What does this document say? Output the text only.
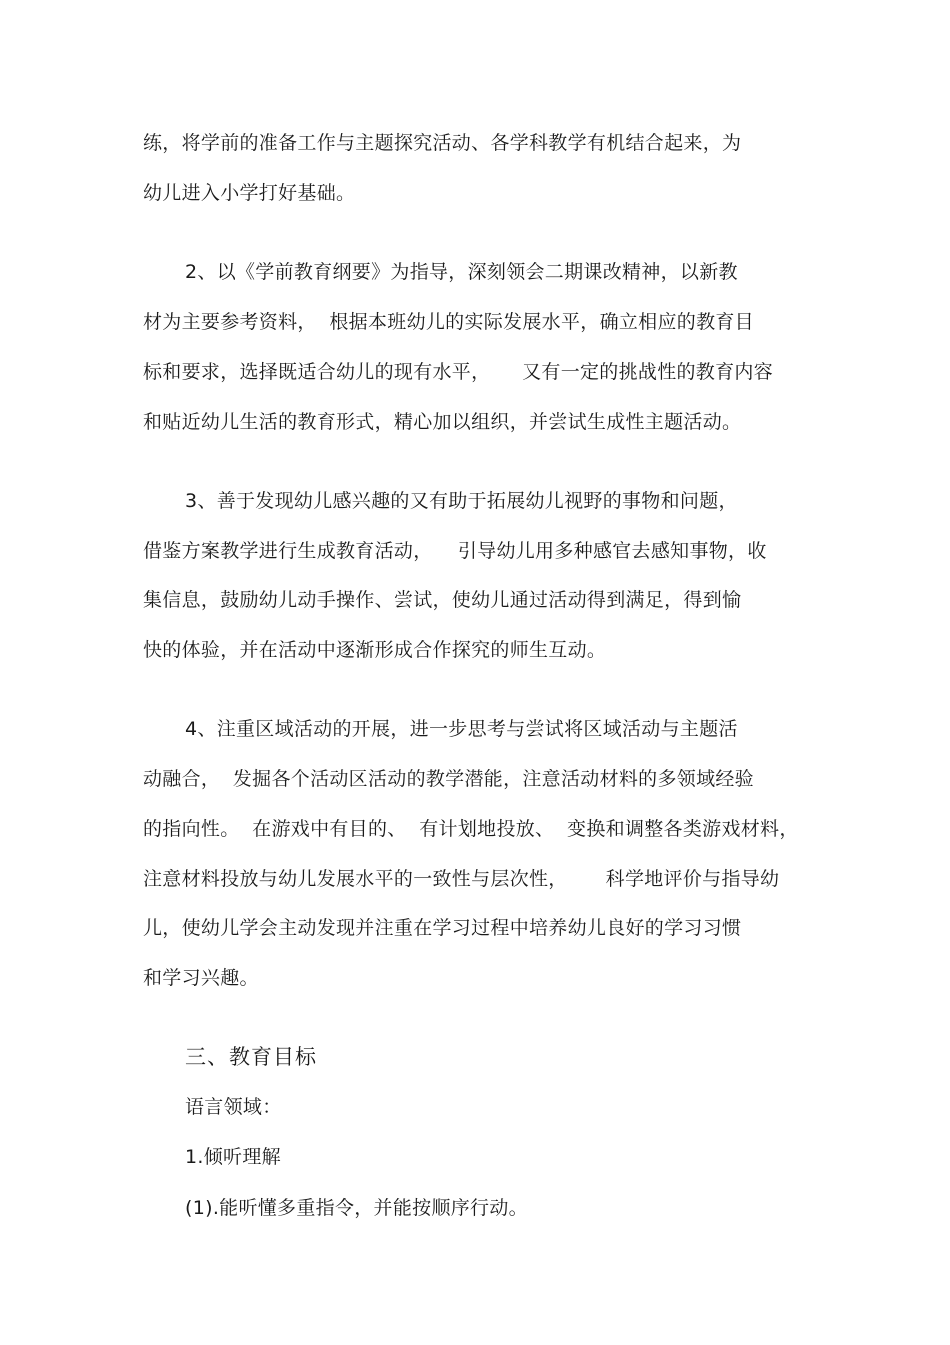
练，将学前的准备工作与主题探究活动、各学科教学有机结合起来，为
幼儿进入小学打好基础。
2、以《学前教育纲要》为指导，深刻领会二期课改精神，以新教
材为主要参考资料，  根据本班幼儿的实际发展水平，确立相应的教育目
标和要求，选择既适合幼儿的现有水平，     又有一定的挑战性的教育内容
和贴近幼儿生活的教育形式，精心加以组织，并尝试生成性主题活动。
3、善于发现幼儿感兴趣的又有助于拓展幼儿视野的事物和问题，
借鉴方案教学进行生成教育活动，    引导幼儿用多种感官去感知事物，收
集信息，鼓励幼儿动手操作、尝试，使幼儿通过活动得到满足，得到愉
快的体验，并在活动中逐渐形成合作探究的师生互动。
4、注重区域活动的开展，进一步思考与尝试将区域活动与主题活
动融合，  发掘各个活动区活动的教学潜能，注意活动材料的多领域经验
的指向性。  在游戏中有目的、  有计划地投放、  变换和调整各类游戏材料，
注意材料投放与幼儿发展水平的一致性与层次性，      科学地评价与指导幼
儿，使幼儿学会主动发现并注重在学习过程中培养幼儿良好的学习习惯
和学习兴趣。
三、教育目标
语言领域：
1.倾听理解
(1).能听懂多重指令，并能按顺序行动。
